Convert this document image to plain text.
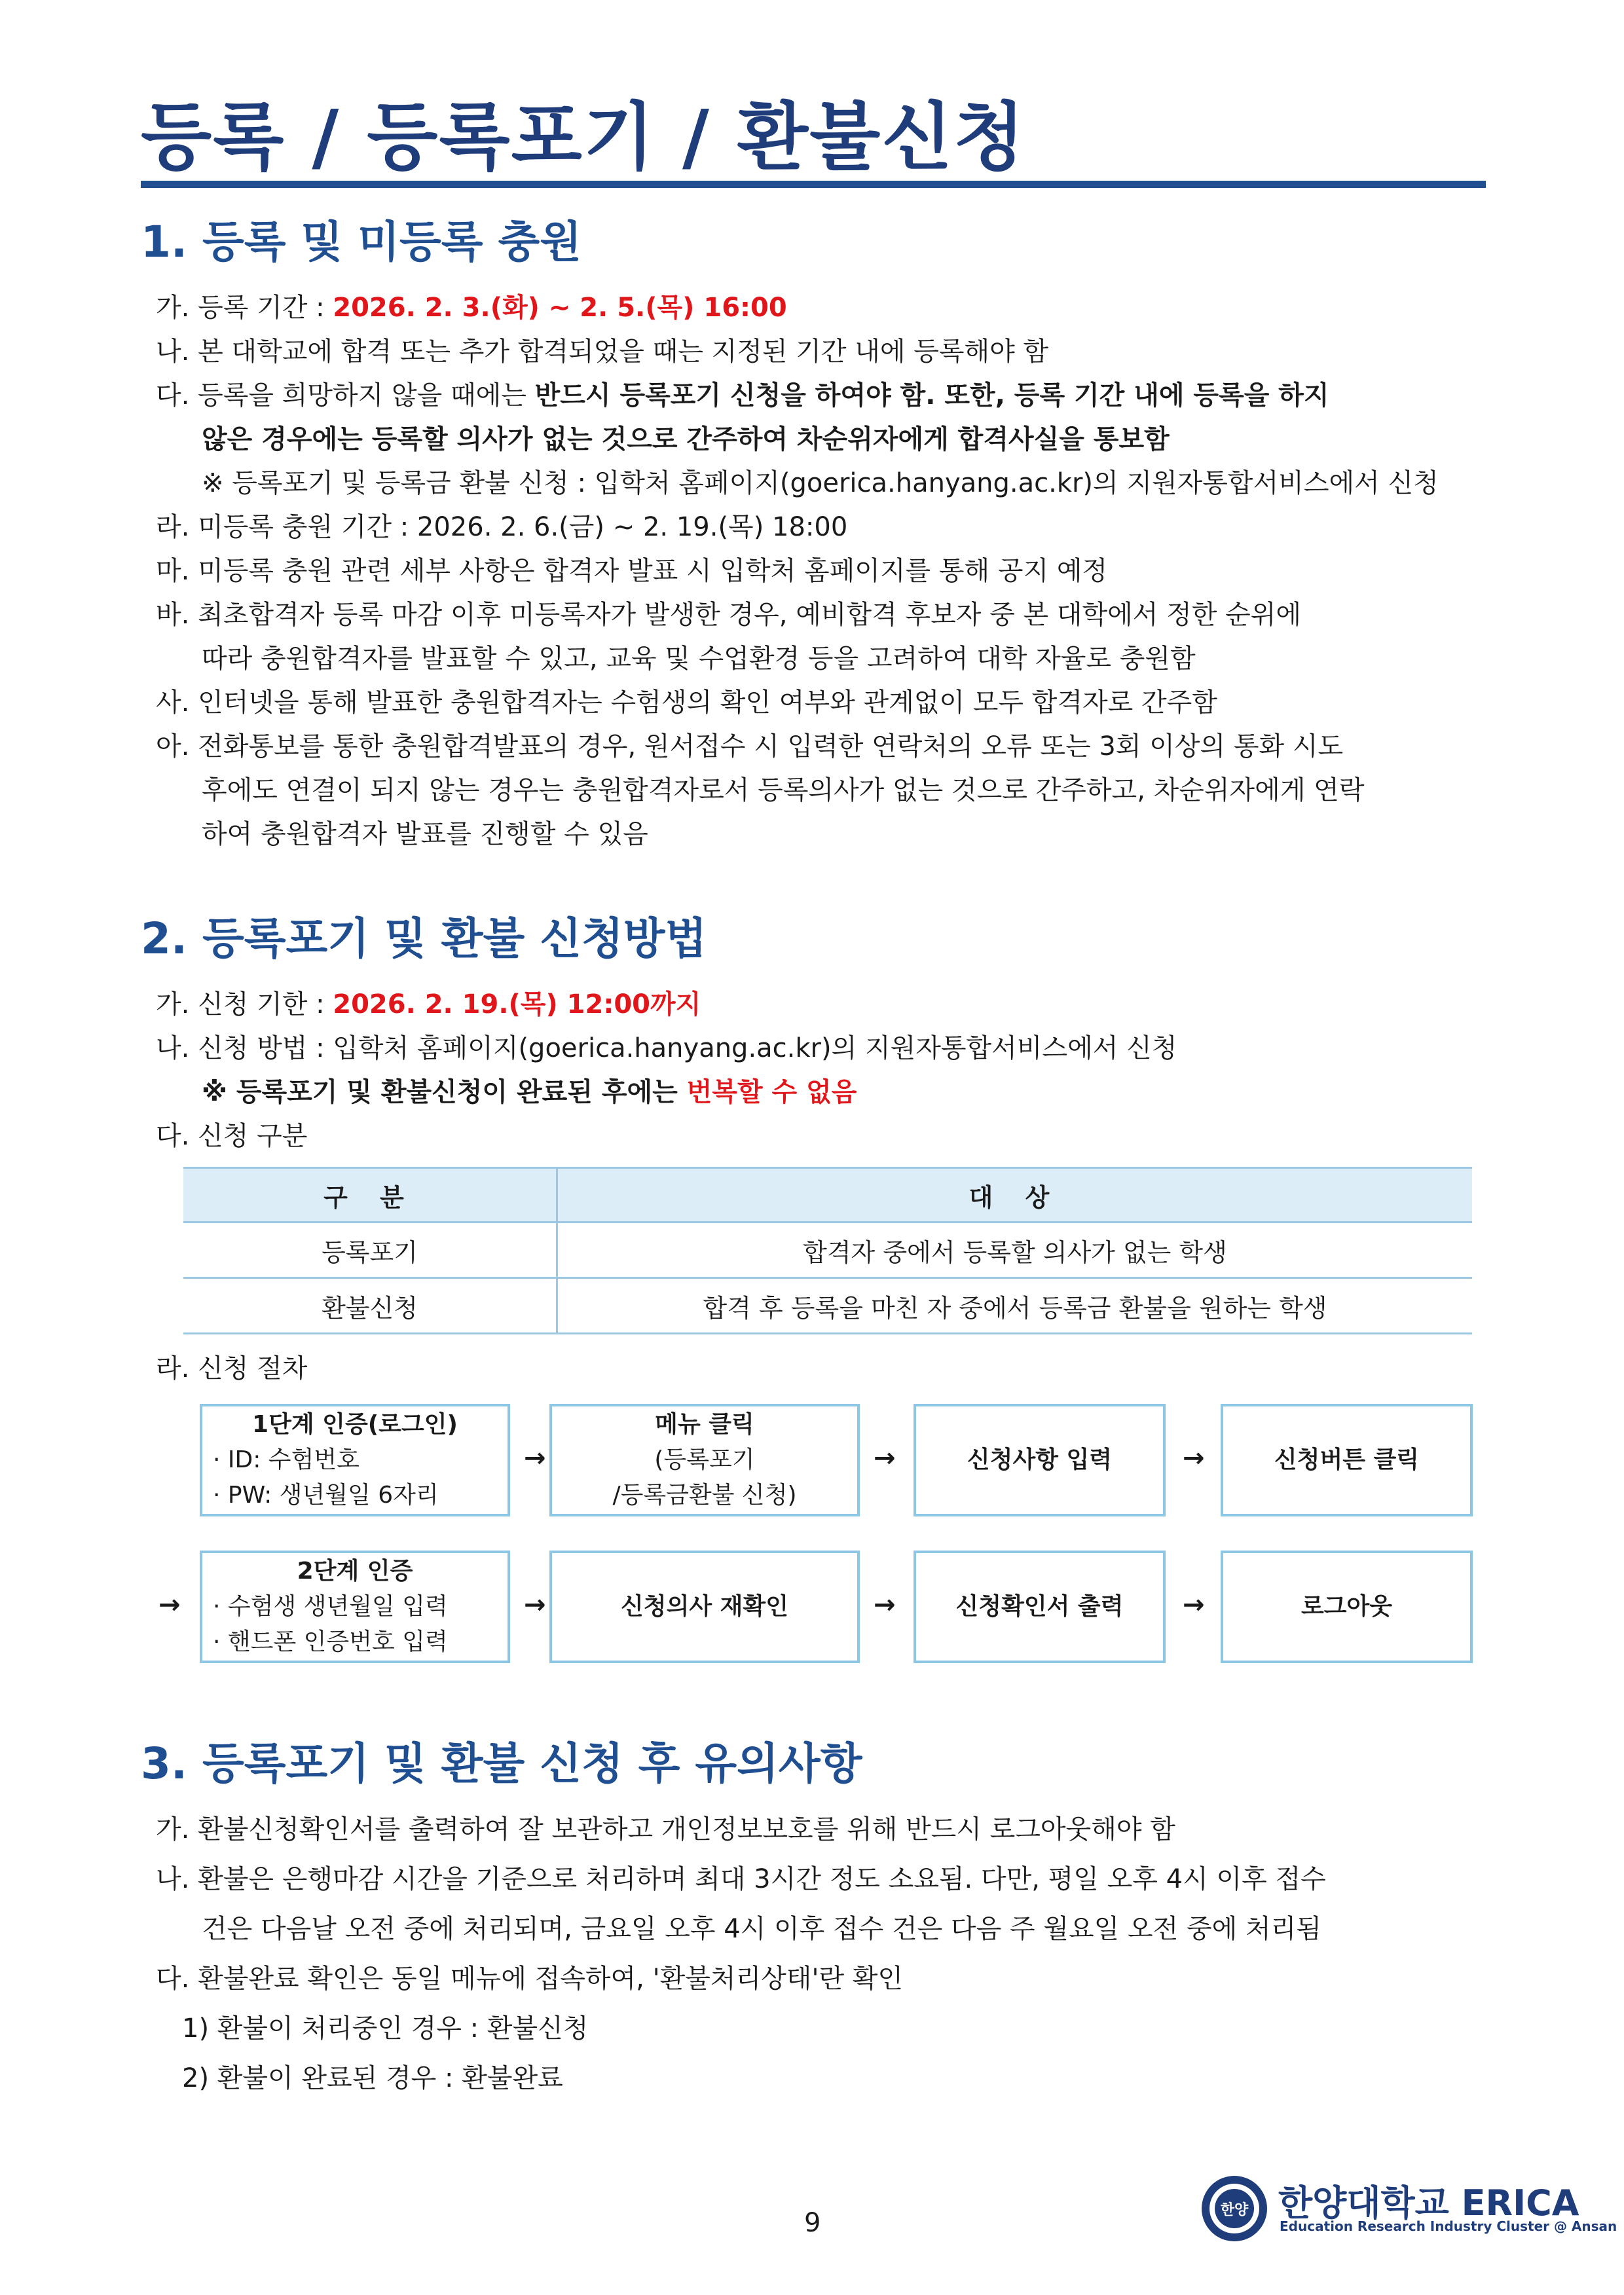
등록 / 등록포기 / 환불신청
1. 등록 및 미등록 충원
가. 등록 기간 : 2026. 2. 3.(화) ~ 2. 5.(목) 16:00
나. 본 대학교에 합격 또는 추가 합격되었을 때는 지정된 기간 내에 등록해야 함
다. 등록을 희망하지 않을 때에는 반드시 등록포기 신청을 하여야 함. 또한, 등록 기간 내에 등록을 하지
않은 경우에는 등록할 의사가 없는 것으로 간주하여 차순위자에게 합격사실을 통보함
※ 등록포기 및 등록금 환불 신청 : 입학처 홈페이지(goerica.hanyang.ac.kr)의 지원자통합서비스에서 신청
라. 미등록 충원 기간 : 2026. 2. 6.(금) ~ 2. 19.(목) 18:00
마. 미등록 충원 관련 세부 사항은 합격자 발표 시 입학처 홈페이지를 통해 공지 예정
바. 최초합격자 등록 마감 이후 미등록자가 발생한 경우, 예비합격 후보자 중 본 대학에서 정한 순위에
따라 충원합격자를 발표할 수 있고, 교육 및 수업환경 등을 고려하여 대학 자율로 충원함
사. 인터넷을 통해 발표한 충원합격자는 수험생의 확인 여부와 관계없이 모두 합격자로 간주함
아. 전화통보를 통한 충원합격발표의 경우, 원서접수 시 입력한 연락처의 오류 또는 3회 이상의 통화 시도
후에도 연결이 되지 않는 경우는 충원합격자로서 등록의사가 없는 것으로 간주하고, 차순위자에게 연락
하여 충원합격자 발표를 진행할 수 있음
2. 등록포기 및 환불 신청방법
가. 신청 기한 : 2026. 2. 19.(목) 12:00까지
나. 신청 방법 : 입학처 홈페이지(goerica.hanyang.ac.kr)의 지원자통합서비스에서 신청
※ 등록포기 및 환불신청이 완료된 후에는 번복할 수 없음
다. 신청 구분
구 분	대 상
등록포기	합격자 중에서 등록할 의사가 없는 학생
환불신청	합격 후 등록을 마친 자 중에서 등록금 환불을 원하는 학생
라. 신청 절차
1단계 인증(로그인)
· ID: 수험번호
· PW: 생년월일 6자리
→
메뉴 클릭
(등록포기
/등록금환불 신청)
→	신청사항 입력	→	신청버튼 클릭
→
2단계 인증
· 수험생 생년월일 입력
· 핸드폰 인증번호 입력
→	신청의사 재확인	→	신청확인서 출력 →	로그아웃
3. 등록포기 및 환불 신청 후 유의사항
가. 환불신청확인서를 출력하여 잘 보관하고 개인정보보호를 위해 반드시 로그아웃해야 함
나. 환불은 은행마감 시간을 기준으로 처리하며 최대 3시간 정도 소요됨. 다만, 평일 오후 4시 이후 접수
건은 다음날 오전 중에 처리되며, 금요일 오후 4시 이후 접수 건은 다음 주 월요일 오전 중에 처리됨
다. 환불완료 확인은 동일 메뉴에 접속하여, '환불처리상태'란 확인
1) 환불이 처리중인 경우 : 환불신청
2) 환불이 완료된 경우 : 환불완료
9	한양 한양대학교 ERICA
Education Research Industry Cluster @ Ansan
